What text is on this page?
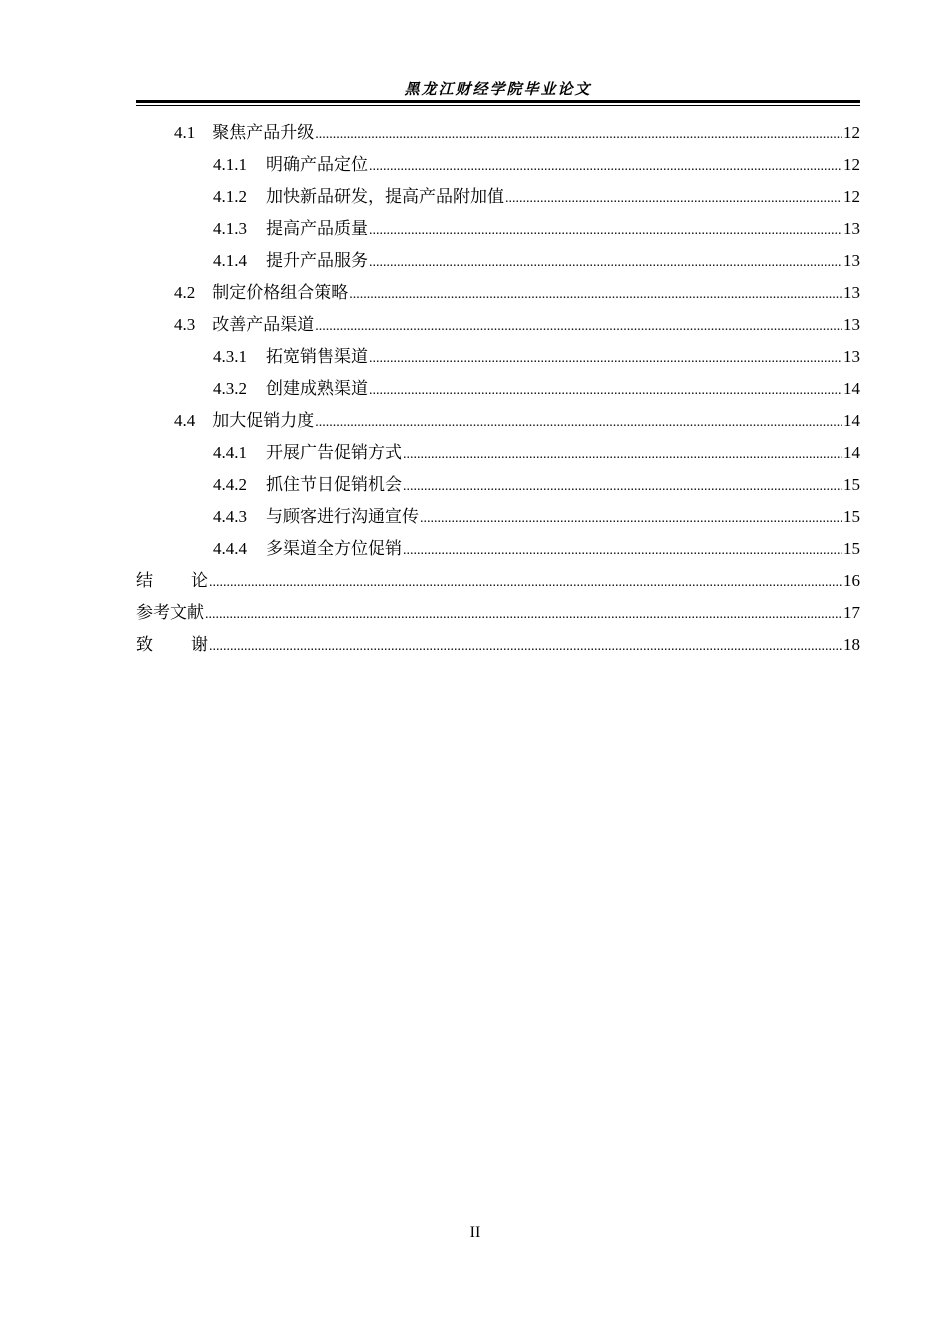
黑龙江财经学院毕业论文
4.1 聚焦产品升级 .....	12
4.1.1 明确产品定位 .....	12
4.1.2 加快新品研发，提高产品附加值 .....	12
4.1.3 提高产品质量 .....	13
4.1.4 提升产品服务 .....	13
4.2 制定价格组合策略 .....	13
4.3 改善产品渠道 .....	13
4.3.1 拓宽销售渠道 .....	13
4.3.2 创建成熟渠道 .....	14
4.4 加大促销力度 .....	14
4.4.1 开展广告促销方式 .....	14
4.4.2 抓住节日促销机会 .....	15
4.4.3 与顾客进行沟通宣传 .....	15
4.4.4 多渠道全方位促销 .....	15
结论 .....	16
参考文献 .....	17
致谢 .....	18
II
